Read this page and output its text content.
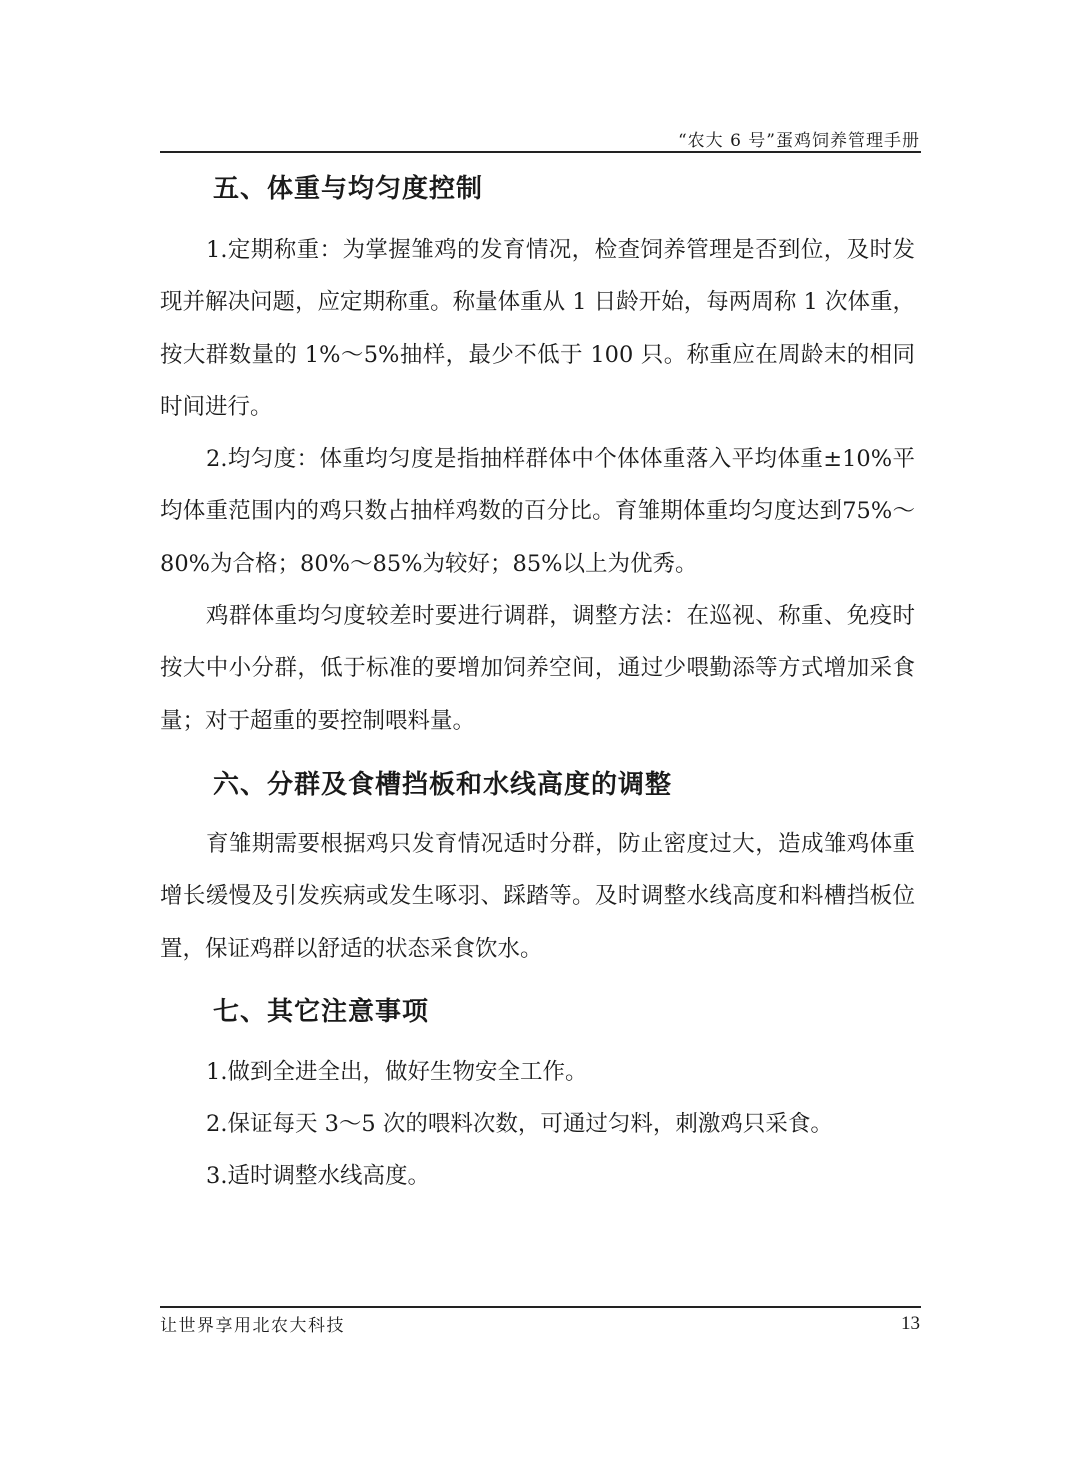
“农大 6 号”蛋鸡饲养管理手册
五、体重与均匀度控制
1.定期称重：为掌握雏鸡的发育情况，检查饲养管理是否到位，及时发现并解决问题，应定期称重。称量体重从 1 日龄开始，每两周称 1 次体重，按大群数量的 1%～5%抽样，最少不低于 100 只。称重应在周龄末的相同时间进行。
2.均匀度：体重均匀度是指抽样群体中个体体重落入平均体重±10%平均体重范围内的鸡只数占抽样鸡数的百分比。育雏期体重均匀度达到75%～80%为合格；80%～85%为较好；85%以上为优秀。
鸡群体重均匀度较差时要进行调群，调整方法：在巡视、称重、免疫时按大中小分群，低于标准的要增加饲养空间，通过少喂勤添等方式增加采食量；对于超重的要控制喂料量。
六、分群及食槽挡板和水线高度的调整
育雏期需要根据鸡只发育情况适时分群，防止密度过大，造成雏鸡体重增长缓慢及引发疾病或发生啄羽、踩踏等。及时调整水线高度和料槽挡板位置，保证鸡群以舒适的状态采食饮水。
七、其它注意事项
1.做到全进全出，做好生物安全工作。
2.保证每天 3～5 次的喂料次数，可通过匀料，刺激鸡只采食。
3.适时调整水线高度。
让世界享用北农大科技	13
